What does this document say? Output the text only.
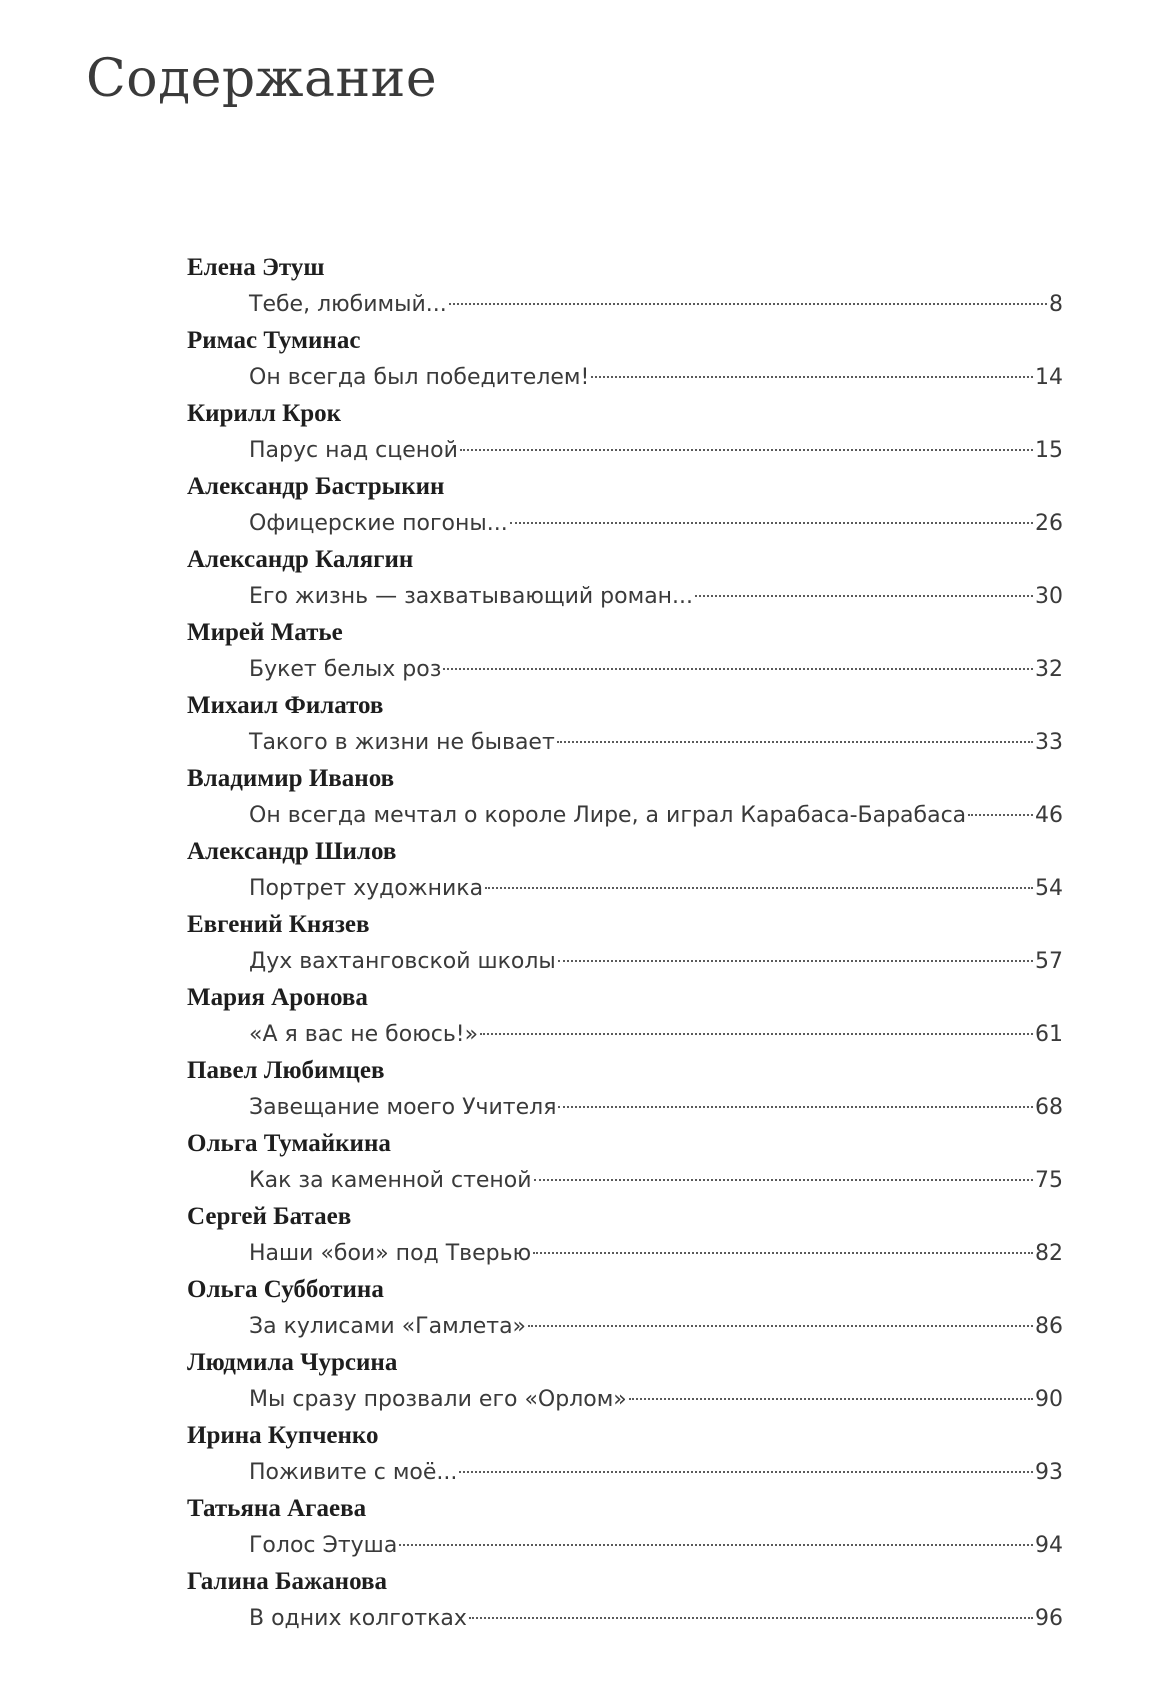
Содержание
Елена Этуш
Тебе, любимый...	8
Римас Туминас
Он всегда был победителем!	14
Кирилл Крок
Парус над сценой	15
Александр Бастрыкин
Офицерские погоны...	26
Александр Калягин
Его жизнь — захватывающий роман...	30
Мирей Матье
Букет белых роз	32
Михаил Филатов
Такого в жизни не бывает	33
Владимир Иванов
Он всегда мечтал о короле Лире, а играл Карабаса-Барабаса	46
Александр Шилов
Портрет художника	54
Евгений Князев
Дух вахтанговской школы	57
Мария Аронова
«А я вас не боюсь!»	61
Павел Любимцев
Завещание моего Учителя	68
Ольга Тумайкина
Как за каменной стеной	75
Сергей Батаев
Наши «бои» под Тверью	82
Ольга Субботина
За кулисами «Гамлета»	86
Людмила Чурсина
Мы сразу прозвали его «Орлом»	90
Ирина Купченко
Поживите с моё...	93
Татьяна Агаева
Голос Этуша	94
Галина Бажанова
В одних колготках	96
